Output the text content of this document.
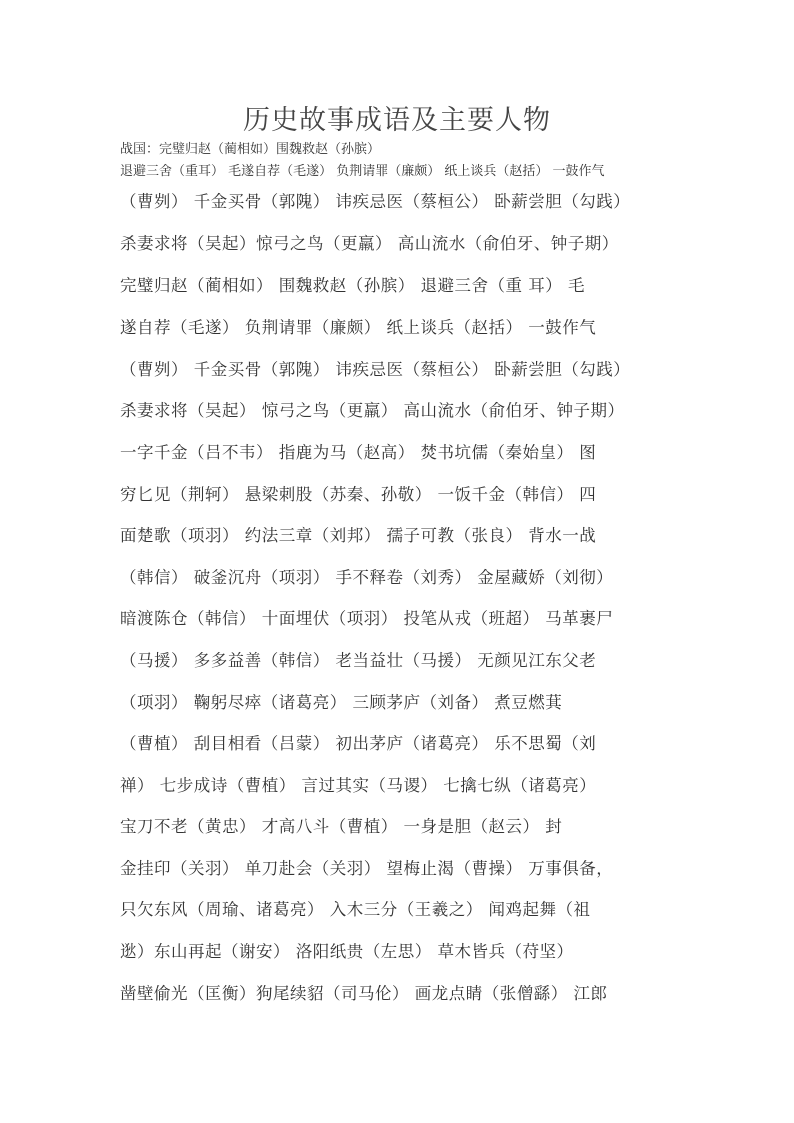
历史故事成语及主要人物
战国：完璧归赵（蔺相如）围魏救赵（孙膑）
退避三舍（重耳） 毛遂自荐（毛遂） 负荆请罪（廉颇） 纸上谈兵（赵括） 一鼓作气
（曹刿） 千金买骨（郭隗） 讳疾忌医（蔡桓公） 卧薪尝胆（勾践）
杀妻求将（吴起）惊弓之鸟（更羸） 高山流水（俞伯牙、钟子期）
完璧归赵（蔺相如） 围魏救赵（孙膑） 退避三舍（重 耳） 毛
遂自荐（毛遂） 负荆请罪（廉颇） 纸上谈兵（赵括） 一鼓作气
（曹刿） 千金买骨（郭隗） 讳疾忌医（蔡桓公） 卧薪尝胆（勾践）
杀妻求将（吴起） 惊弓之鸟（更羸） 高山流水（俞伯牙、钟子期）
一字千金（吕不韦） 指鹿为马（赵高） 焚书坑儒（秦始皇） 图
穷匕见（荆轲） 悬梁刺股（苏秦、孙敬） 一饭千金（韩信） 四
面楚歌（项羽） 约法三章（刘邦） 孺子可教（张良） 背水一战
（韩信） 破釜沉舟（项羽） 手不释卷（刘秀） 金屋藏娇（刘彻）
暗渡陈仓（韩信） 十面埋伏（项羽） 投笔从戎（班超） 马革裹尸
（马援） 多多益善（韩信） 老当益壮（马援） 无颜见江东父老
（项羽） 鞠躬尽瘁（诸葛亮） 三顾茅庐（刘备） 煮豆燃萁
（曹植） 刮目相看（吕蒙） 初出茅庐（诸葛亮） 乐不思蜀（刘
禅） 七步成诗（曹植） 言过其实（马谡） 七擒七纵（诸葛亮）
宝刀不老（黄忠） 才高八斗（曹植） 一身是胆（赵云） 封
金挂印（关羽） 单刀赴会（关羽） 望梅止渴（曹操） 万事俱备，
只欠东风（周瑜、诸葛亮） 入木三分（王羲之） 闻鸡起舞（祖
逖）东山再起（谢安） 洛阳纸贵（左思） 草木皆兵（苻坚）
凿壁偷光（匡衡）狗尾续貂（司马伦） 画龙点睛（张僧繇） 江郎
